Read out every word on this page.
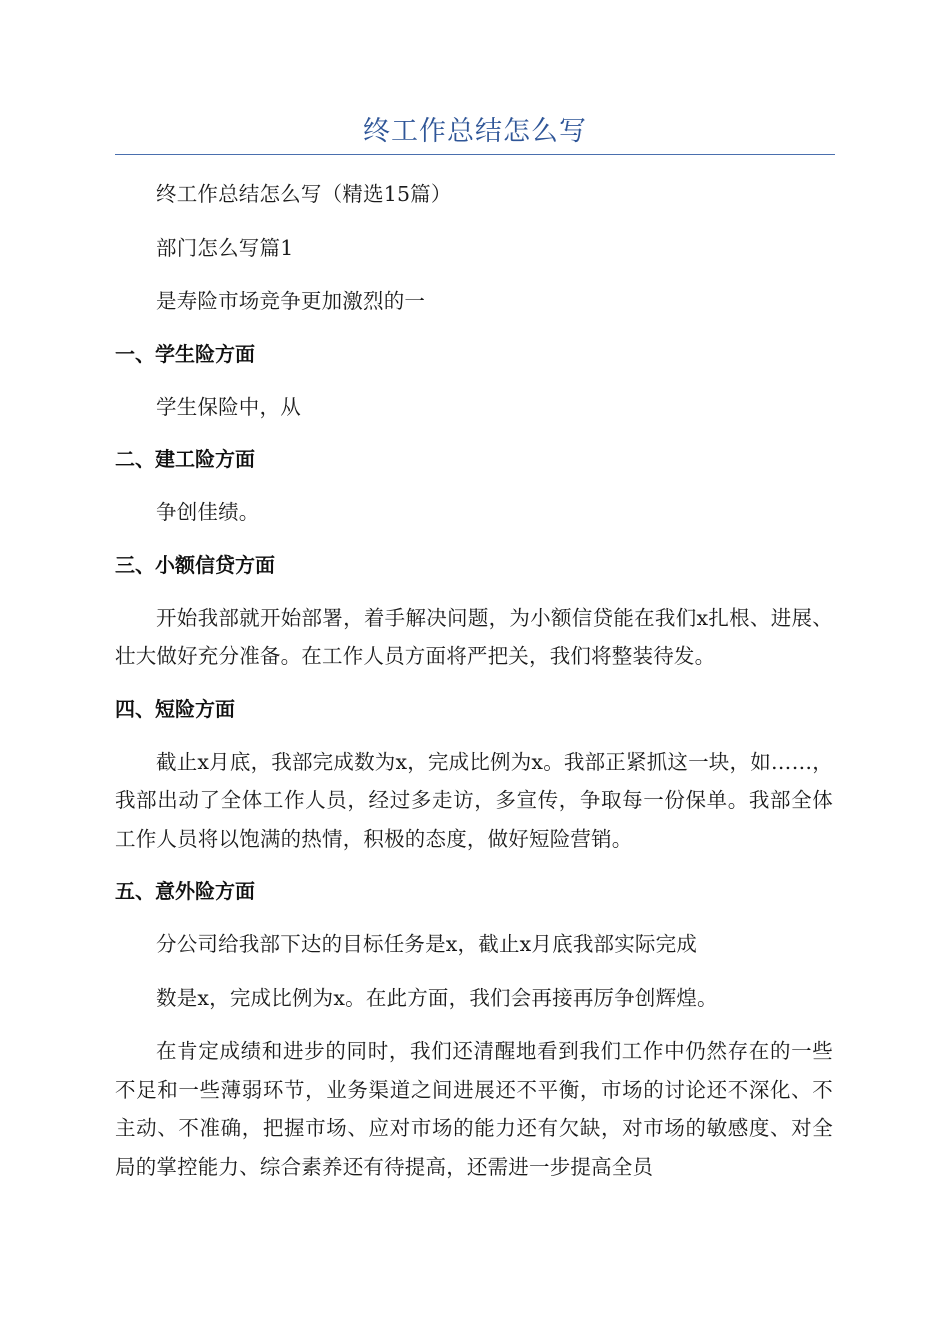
终工作总结怎么写

终工作总结怎么写（精选15篇）

部门怎么写篇1

是寿险市场竞争更加激烈的一

一、学生险方面

学生保险中，从

二、建工险方面

争创佳绩。

三、小额信贷方面

开始我部就开始部署，着手解决问题，为小额信贷能在我们x扎根、进展、壮大做好充分准备。在工作人员方面将严把关，我们将整装待发。

四、短险方面

截止x月底，我部完成数为x，完成比例为x。我部正紧抓这一块，如……，我部出动了全体工作人员，经过多走访，多宣传，争取每一份保单。我部全体工作人员将以饱满的热情，积极的态度，做好短险营销。

五、意外险方面

分公司给我部下达的目标任务是x，截止x月底我部实际完成

数是x，完成比例为x。在此方面，我们会再接再厉争创辉煌。

在肯定成绩和进步的同时，我们还清醒地看到我们工作中仍然存在的一些不足和一些薄弱环节，业务渠道之间进展还不平衡，市场的讨论还不深化、不主动、不准确，把握市场、应对市场的能力还有欠缺，对市场的敏感度、对全局的掌控能力、综合素养还有待提高，还需进一步提高全员
